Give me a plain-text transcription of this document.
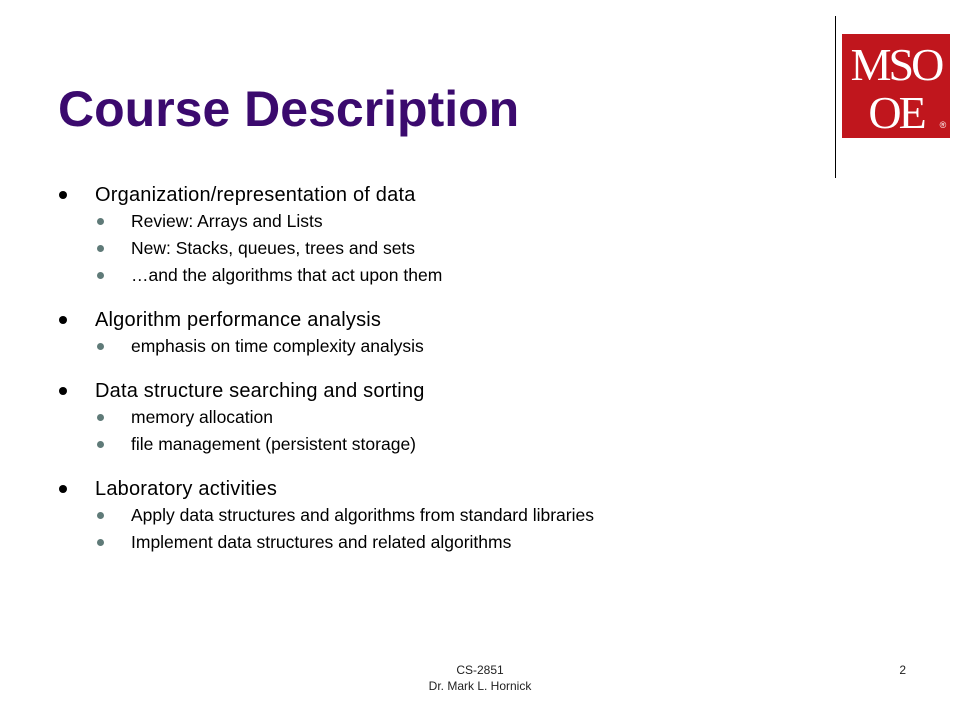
Course Description
MSO
OE ®
Organization/representation of data
Review: Arrays and Lists
New: Stacks, queues, trees and sets
…and the algorithms that act upon them
Algorithm performance analysis
emphasis on time complexity analysis
Data structure searching and sorting
memory allocation
file management (persistent storage)
Laboratory activities
Apply data structures and algorithms from standard libraries
Implement data structures and related algorithms
CS-2851
Dr. Mark L. Hornick
2
